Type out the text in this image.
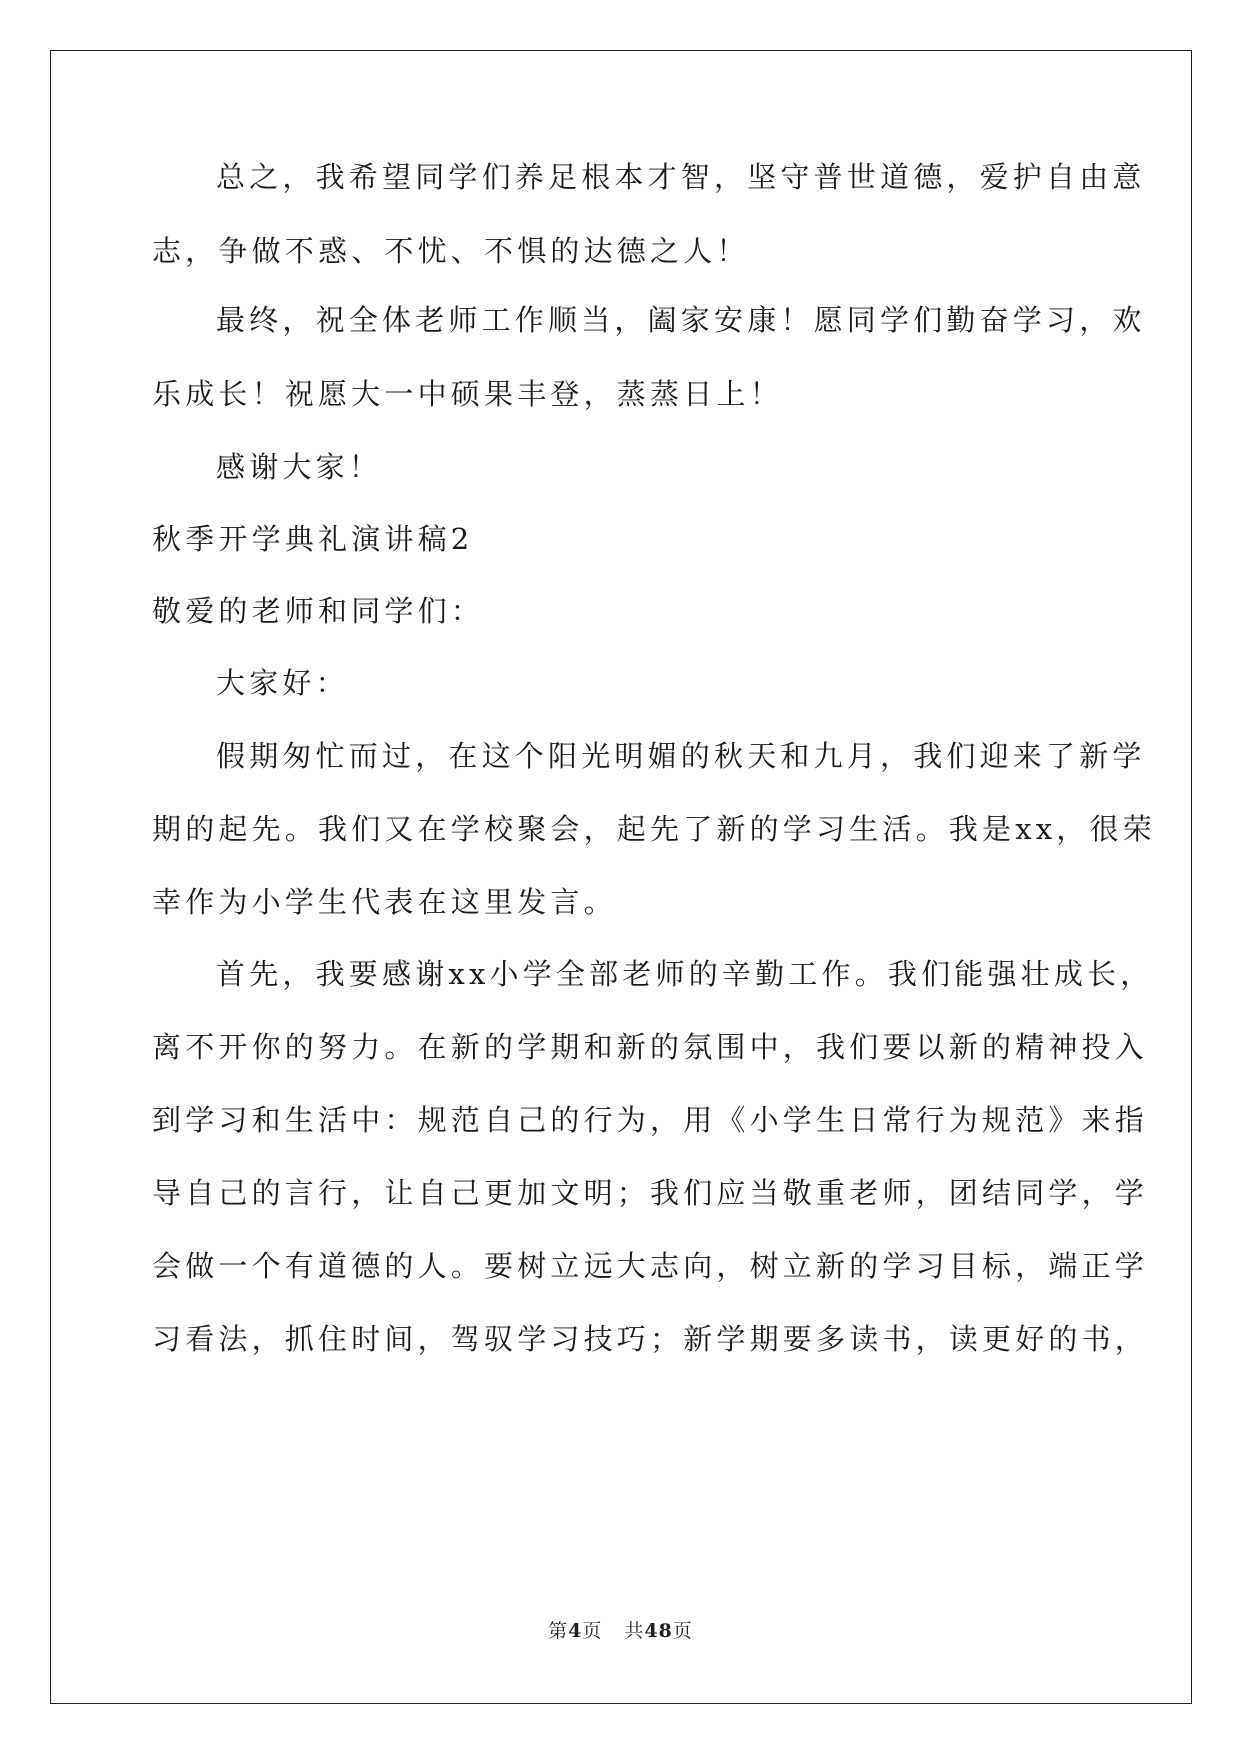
总之，我希望同学们养足根本才智，坚守普世道德，爱护自由意
志，争做不惑、不忧、不惧的达德之人！
最终，祝全体老师工作顺当，阖家安康！愿同学们勤奋学习，欢
乐成长！祝愿大一中硕果丰登，蒸蒸日上！
感谢大家！
秋季开学典礼演讲稿2
敬爱的老师和同学们：
大家好：
假期匆忙而过，在这个阳光明媚的秋天和九月，我们迎来了新学
期的起先。我们又在学校聚会，起先了新的学习生活。我是xx，很荣
幸作为小学生代表在这里发言。
首先，我要感谢xx小学全部老师的辛勤工作。我们能强壮成长，
离不开你的努力。在新的学期和新的氛围中，我们要以新的精神投入
到学习和生活中：规范自己的行为，用《小学生日常行为规范》来指
导自己的言行，让自己更加文明；我们应当敬重老师，团结同学，学
会做一个有道德的人。要树立远大志向，树立新的学习目标，端正学
习看法，抓住时间，驾驭学习技巧；新学期要多读书，读更好的书，
第4页 共48页
